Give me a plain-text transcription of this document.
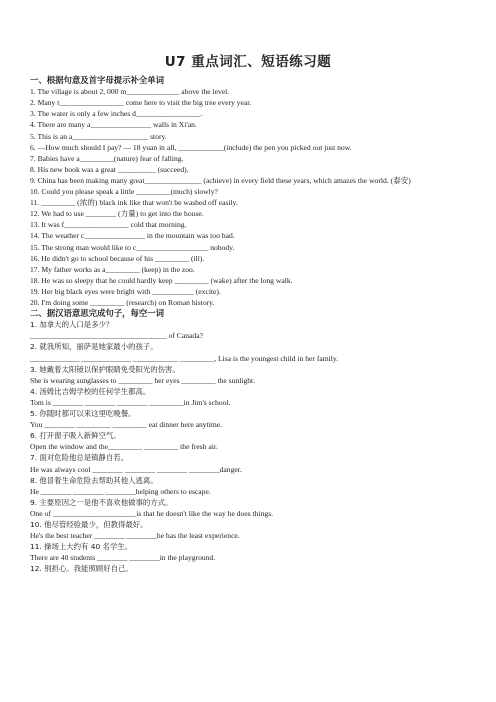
U7 重点词汇、短语练习题
一、根据句意及首字母提示补全单词
1. The village is about 2, 000 m______________ above the level.
2. Many t_________________ come here to visit the big tree every year.
3. The water is only a few inches d_________________.
4. There are many a________________ walls in Xi'an.
5. This is an a____________________ story.
6. —How much should I pay? — 18 yuan in all, ____________(include) the pen you picked out just now.
7. Babies have a_________(nature) fear of falling.
8. His new book was a great __________ (succeed).
9. China has been making many great_______________ (achieve) in every field these years, which amazes the world. (泰安)
10. Could you please speak a little _________(much) slowly?
11. _________ (浓的) black ink like that won't be washed off easily.
12. We had to use ________ (力量) to get into the house.
13. It was f_________________ cold that morning.
14. The weather c________________ in the mountain was too bad.
15. The strong man would like to c___________________ nobody.
16. He didn't go to school because of his _________ (ill).
17. My father works as a_________ (keep) in the zoo.
18. He was so sleepy that he could hardly keep _________ (wake) after the long walk.
19. Her big black eyes were bright with ___________ (excite).
20. I'm doing some _________ (research) on Roman history.
二、据汉语意思完成句子，每空一词
1. 加拿大的人口是多少？
____________________________________ of Canada?
2. 就我所知，丽萨是她家最小的孩子。
_____________ _____________ ____________ _________, Lisa is the youngest child in her family.
3. 她戴着太阳镜以保护眼睛免受阳光的伤害。
She is wearing sunglasses to _________ her eyes _________ the sunlight.
4. 汤姆比吉姆学校的任何学生都高。
Tom is ________ ________ ________ _________in Jim's school.
5. 你随时都可以来这里吃晚餐。
You ________ _________ _________ eat dinner here anytime.
6. 打开窗子吸入新鲜空气。
Open the window and the_________ _________ the fresh air.
7. 面对危险他总是镇静自若。
He was always cool ________ ________ ________ ________danger.
8. 他冒着生命危险去帮助其他人逃离。
He ________ ________ ________helping others to escape.
9. 主要原因之一是他不喜欢他做事的方式。
One of ______________________is that he doesn't like the way he does things.
10. 他尽管经验最少，但教得最好。
He's the best teacher ________ ________he has the least experience.
11. 操场上大约有 40 名学生。
There are 40 students ________ ________in the playground.
12. 别担心。我能照顾好自己。
